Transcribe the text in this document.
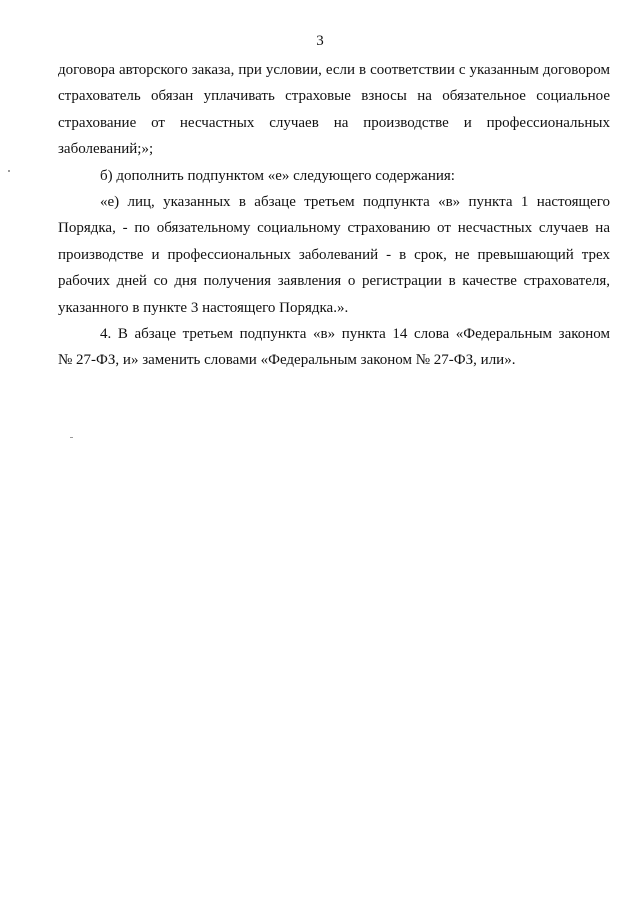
3
договора авторского заказа, при условии, если в соответствии с указанным договором
страхователь обязан уплачивать страховые взносы на обязательное социальное
страхование от несчастных случаев на производстве и профессиональных
заболеваний;»;
б) дополнить подпунктом «е» следующего содержания:
«е) лиц, указанных в абзаце третьем подпункта «в» пункта 1 настоящего
Порядка, - по обязательному социальному страхованию от несчастных случаев на
производстве и профессиональных заболеваний - в срок, не превышающий трех
рабочих дней со дня получения заявления о регистрации в качестве страхователя,
указанного в пункте 3 настоящего Порядка.».
4. В абзаце третьем подпункта «в» пункта 14 слова «Федеральным законом
№ 27-ФЗ, и» заменить словами «Федеральным законом № 27-ФЗ, или».
